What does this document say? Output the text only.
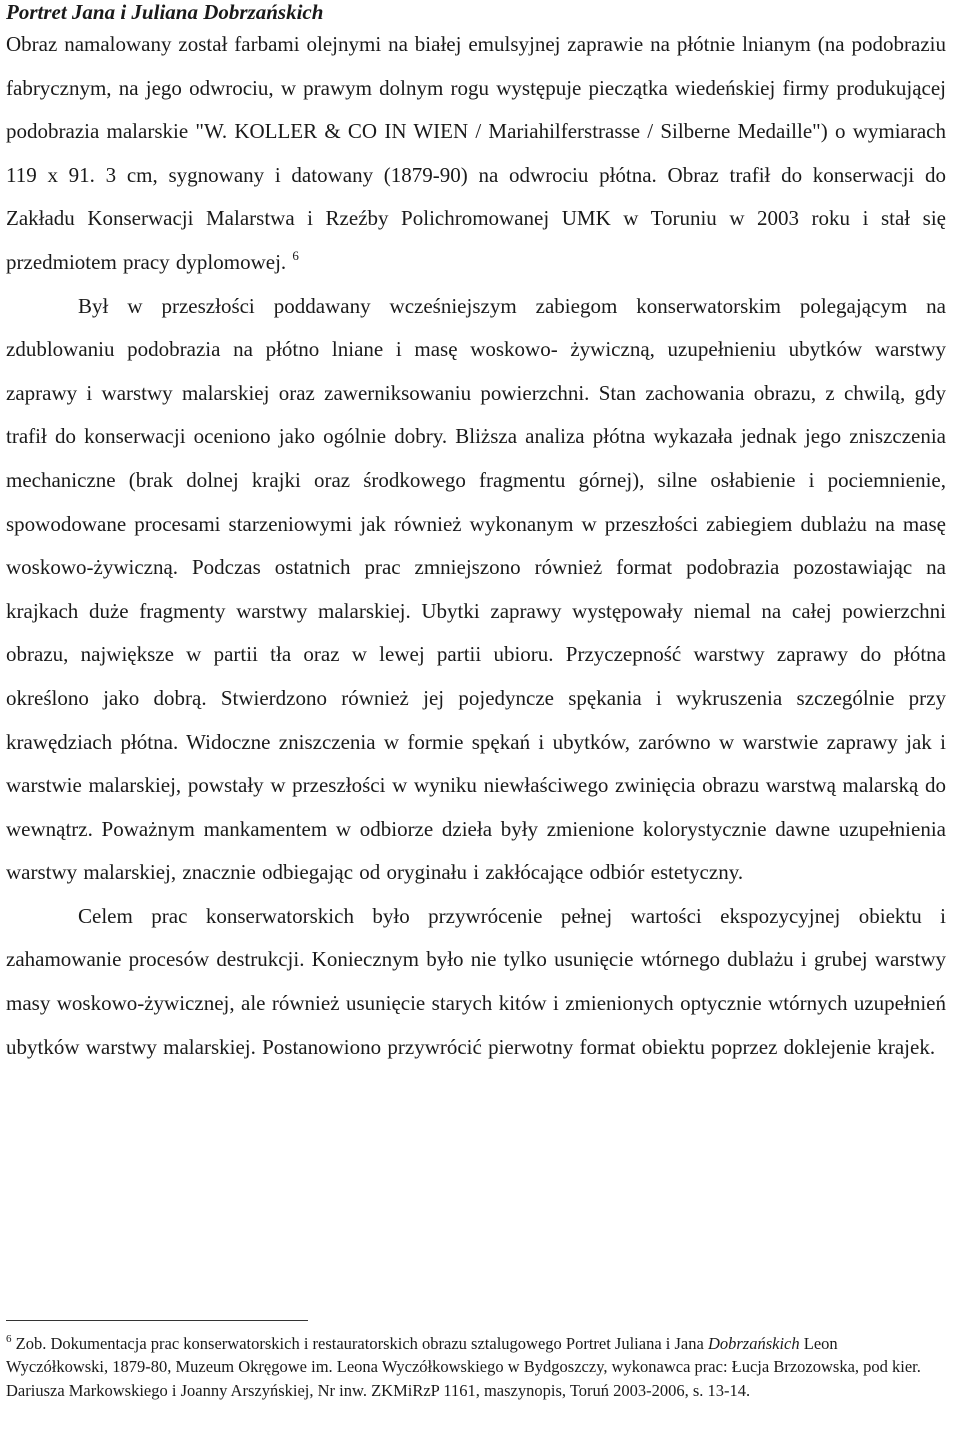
Portret Jana i Juliana Dobrzańskich

Obraz namalowany został farbami olejnymi na białej emulsyjnej zaprawie na płótnie lnianym (na podobraziu fabrycznym, na jego odwrociu, w prawym dolnym rogu występuje pieczątka wiedeńskiej firmy produkującej podobrazia malarskie "W. KOLLER & CO IN WIEN / Mariahilferstrasse / Silberne Medaille") o wymiarach 119 x 91. 3 cm, sygnowany i datowany (1879-90) na odwrociu płótna. Obraz trafił do konserwacji do Zakładu Konserwacji Malarstwa i Rzeźby Polichromowanej UMK w Toruniu w 2003 roku i stał się przedmiotem pracy dyplomowej. $^6$

Był w przeszłości poddawany wcześniejszym zabiegom konserwatorskim polegającym na zdublowaniu podobrazia na płótno lniane i masę woskowo- żywiczną, uzupełnieniu ubytków warstwy zaprawy i warstwy malarskiej oraz zawerniksowaniu powierzchni. Stan zachowania obrazu, z chwilą, gdy trafił do konserwacji oceniono jako ogólnie dobry. Bliższa analiza płótna wykazała jednak jego zniszczenia mechaniczne (brak dolnej krajki oraz środkowego fragmentu górnej), silne osłabienie i pociemnienie, spowodowane procesami starzeniowymi jak również wykonanym w przeszłości zabiegiem dublażu na masę woskowo-żywiczną. Podczas ostatnich prac zmniejszono również format podobrazia pozostawiając na krajkach duże fragmenty warstwy malarskiej. Ubytki zaprawy występowały niemal na całej powierzchni obrazu, największe w partii tła oraz w lewej partii ubioru. Przyczepność warstwy zaprawy do płótna określono jako dobrą. Stwierdzono również jej pojedyncze spękania i wykruszenia szczególnie przy krawędziach płótna. Widoczne zniszczenia w formie spękań i ubytków, zarówno w warstwie zaprawy jak i warstwie malarskiej, powstały w przeszłości w wyniku niewłaściwego zwinięcia obrazu warstwą malarską do wewnątrz. Poważnym mankamentem w odbiorze dzieła były zmienione kolorystycznie dawne uzupełnienia warstwy malarskiej, znacznie odbiegając od oryginału i zakłócające odbiór estetyczny.

Celem prac konserwatorskich było przywrócenie pełnej wartości ekspozycyjnej obiektu i zahamowanie procesów destrukcji. Koniecznym było nie tylko usunięcie wtórnego dublażu i grubej warstwy masy woskowo-żywicznej, ale również usunięcie starych kitów i zmienionych optycznie wtórnych uzupełnień ubytków warstwy malarskiej. Postanowiono przywrócić pierwotny format obiektu poprzez doklejenie krajek.

$^6$ Zob. Dokumentacja prac konserwatorskich i restauratorskich obrazu sztalugowego Portret Juliana i Jana Dobrzańskich Leon Wyczółkowski, 1879-80, Muzeum Okręgowe im. Leona Wyczółkowskiego w Bydgoszczy, wykonawca prac: Łucja Brzozowska, pod kier. Dariusza Markowskiego i Joanny Arszyńskiej, Nr inw. ZKMiRzP 1161, maszynopis, Toruń 2003-2006, s. 13-14.
